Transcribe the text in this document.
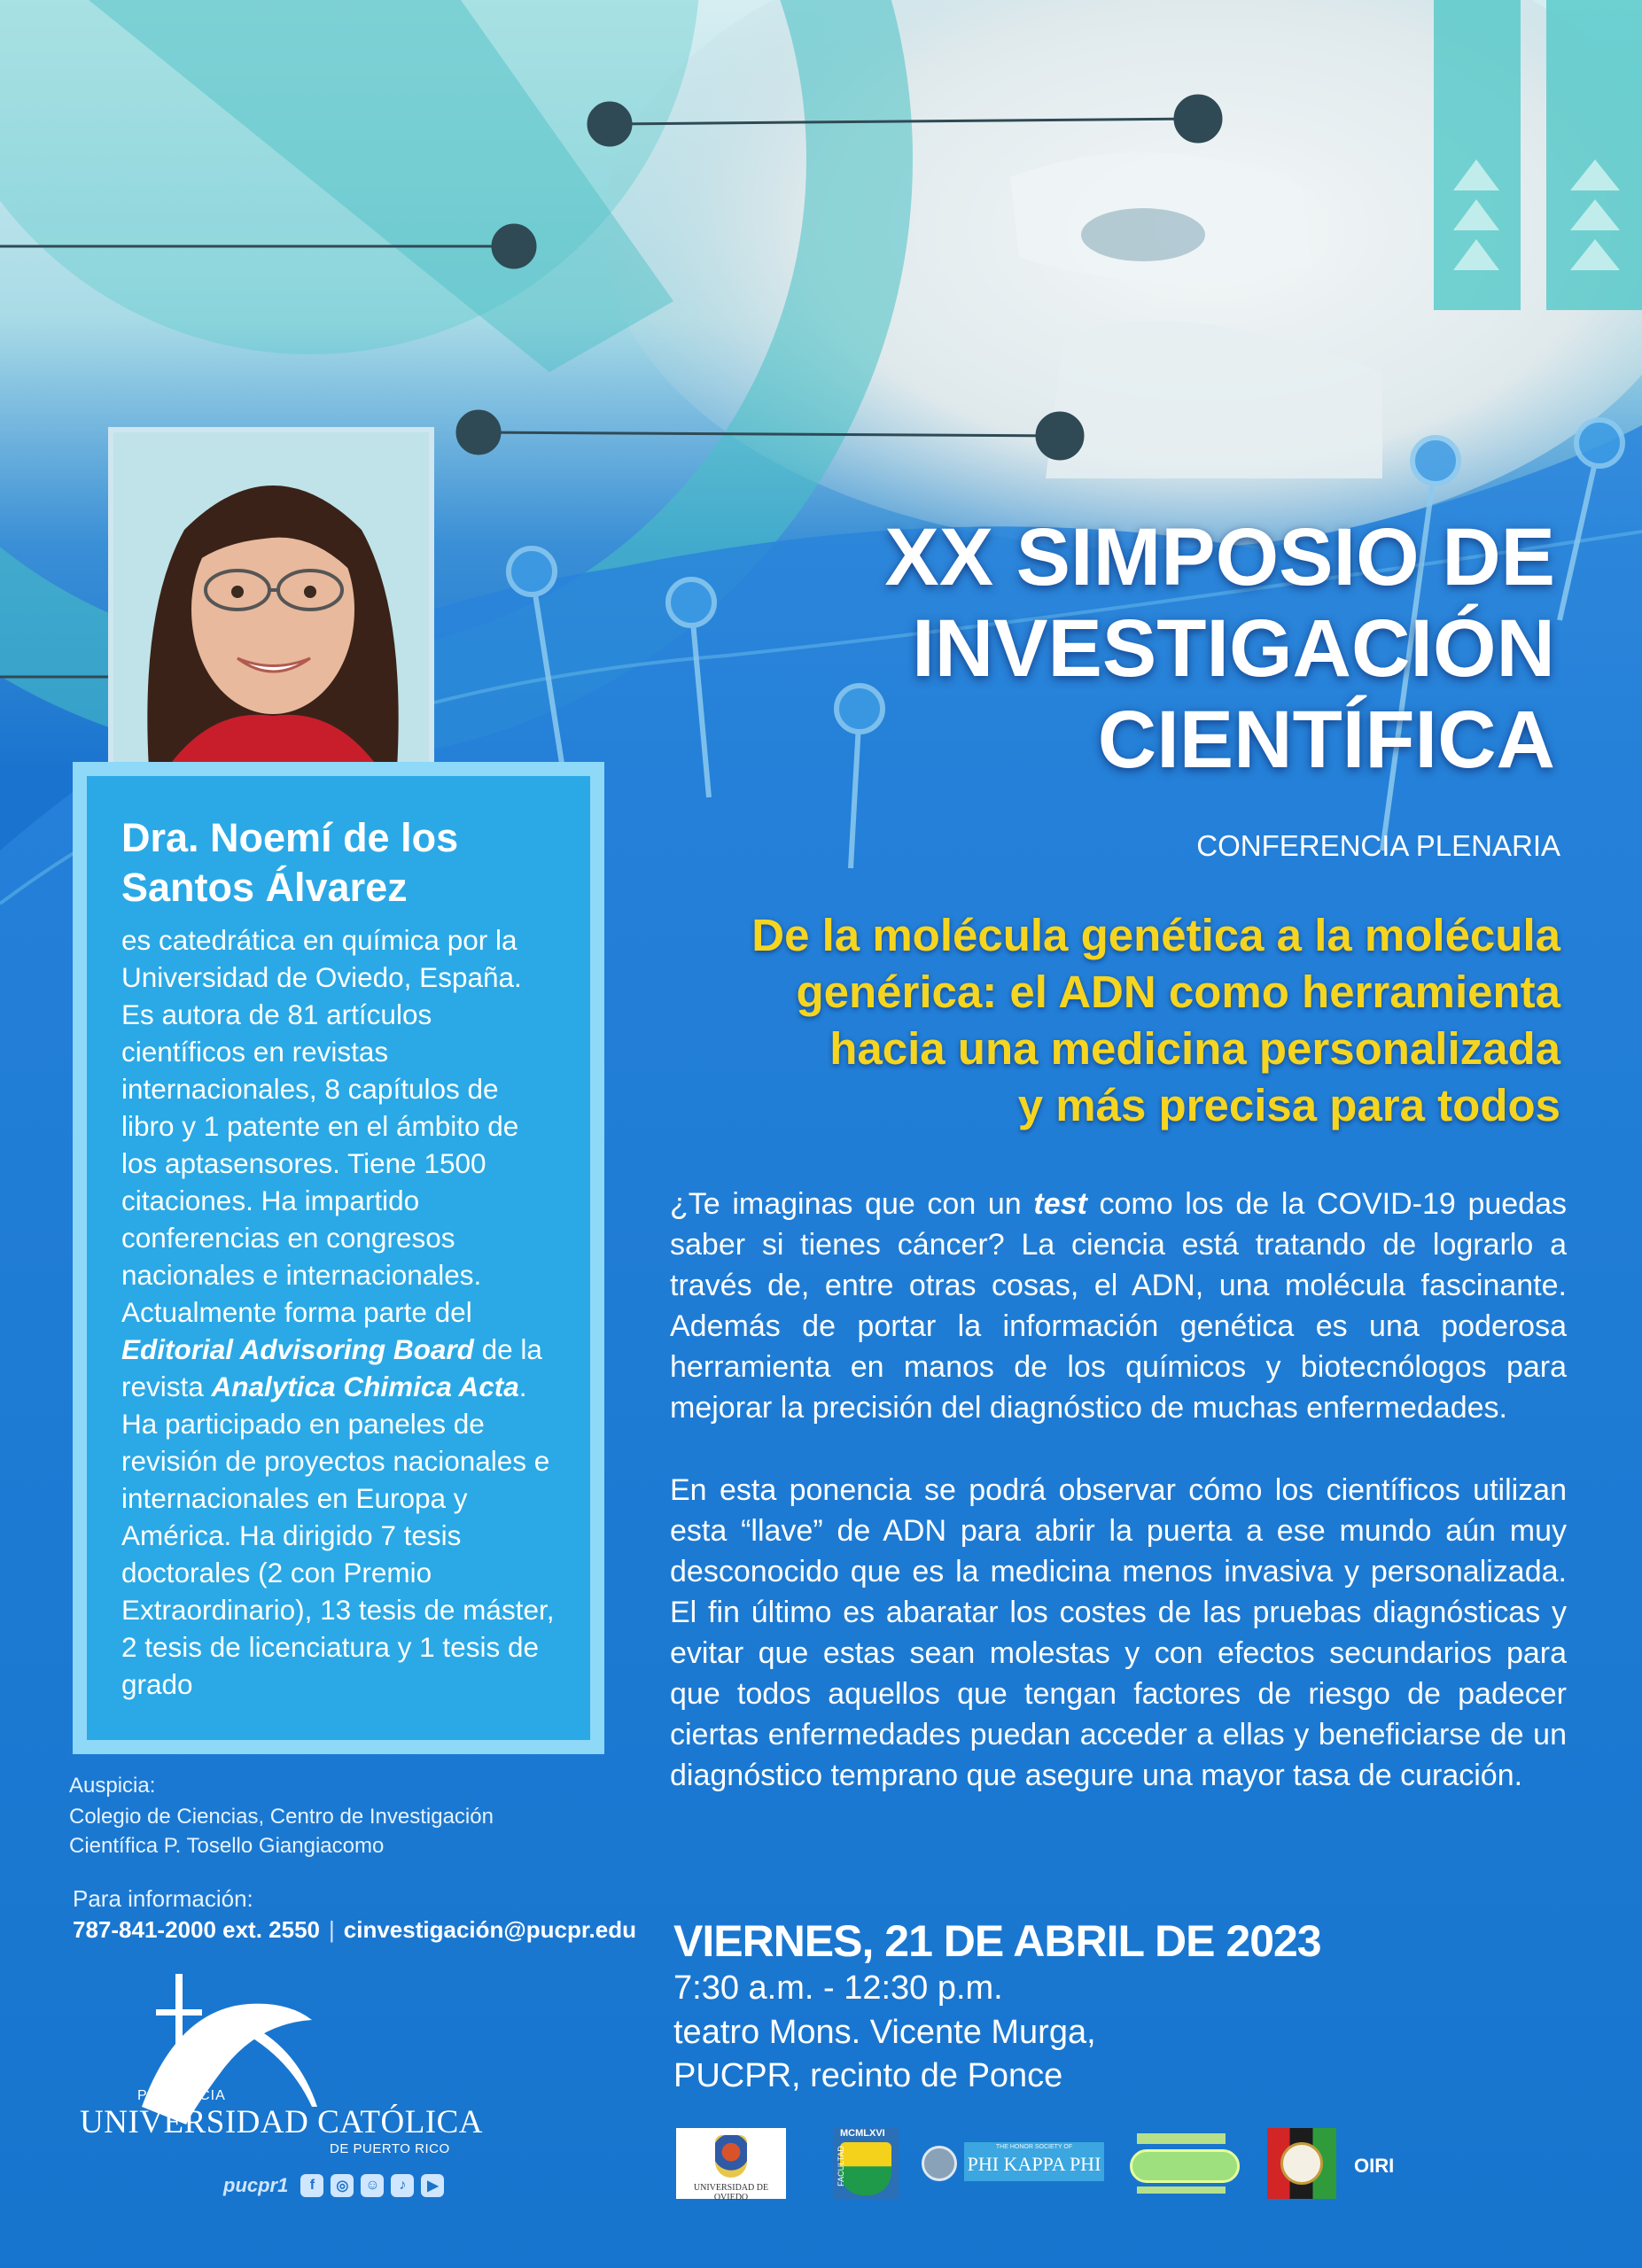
Dra. Noemí de los
Santos Álvarez
es catedrática en química por la Universidad de Oviedo, España. Es autora de 81 artículos científicos en revistas internacionales, 8 capítulos de libro y 1 patente en el ámbito de los aptasensores. Tiene 1500 citaciones. Ha impartido conferencias en congresos nacionales e internacionales. Actualmente forma parte del Editorial Advisoring Board de la revista Analytica Chimica Acta. Ha participado en paneles de revisión de proyectos nacionales e internacionales en Europa y América. Ha dirigido 7 tesis doctorales (2 con Premio Extraordinario), 13 tesis de máster, 2 tesis de licenciatura y 1 tesis de grado
XX SIMPOSIO DE
INVESTIGACIÓN
CIENTÍFICA
CONFERENCIA PLENARIA
De la molécula genética a la molécula
genérica: el ADN como herramienta
hacia una medicina personalizada
y más precisa para todos

¿Te imaginas que con un test como los de la COVID-19 puedas saber si tienes cáncer? La ciencia está tratando de lograrlo a través de, entre otras cosas, el ADN, una molécula fascinante. Además de portar la información genética es una poderosa herramienta en manos de los químicos y biotecnólogos para mejorar la precisión del diagnóstico de muchas enfermedades.

En esta ponencia se podrá observar cómo los científicos utilizan esta “llave” de ADN para abrir la puerta a ese mundo aún muy desconocido que es la medicina menos invasiva y personalizada. El fin último es abaratar los costes de las pruebas diagnósticas y evitar que estas sean molestas y con efectos secundarios para que todos aquellos que tengan factores de riesgo de padecer ciertas enfermedades puedan acceder a ellas y beneficiarse de un diagnóstico temprano que asegure una mayor tasa de curación.

Auspicia:
Colegio de Ciencias, Centro de Investigación
Científica P. Tosello Giangiacomo
Para información:
787-841-2000 ext. 2550 | cinvestigación@pucpr.edu VIERNES, 21 DE ABRIL DE 2023
7:30 a.m. - 12:30 p.m.
teatro Mons. Vicente Murga,
PUCPR, recinto de Ponce
PONTIFICIA
UNIVERSIDAD CATÓLICA
DE PUERTO RICO
pucpr1	f	◎	☺	♪	▶	UNIVERSIDAD DE OVIEDO
MCMLXVI
FACULTAD	PHI KAPPA PHI
THE HONOR SOCIETY OF
OIRI
